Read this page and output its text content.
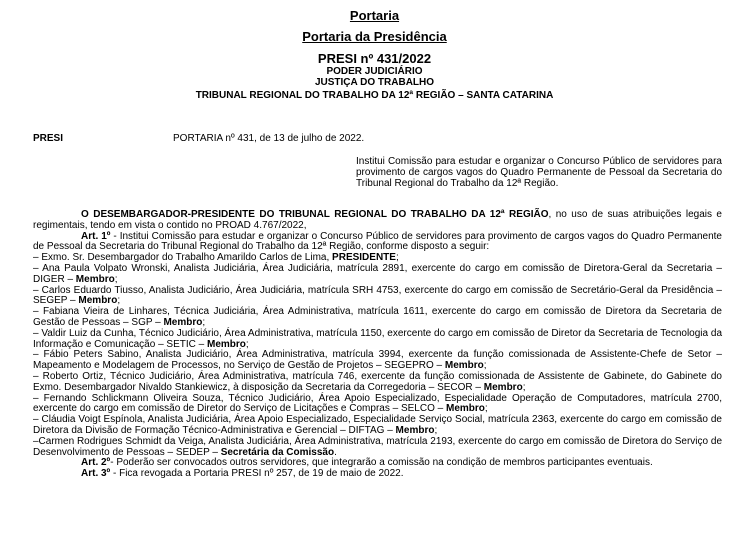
Portaria
Portaria da Presidência
PRESI nº 431/2022
PODER JUDICIÁRIO
JUSTIÇA DO TRABALHO
TRIBUNAL REGIONAL DO TRABALHO DA 12ª REGIÃO – SANTA CATARINA
PRESI	PORTARIA nº 431, de 13 de julho de 2022.
Institui Comissão para estudar e organizar o Concurso Público de servidores para provimento de cargos vagos do Quadro Permanente de Pessoal da Secretaria do Tribunal Regional do Trabalho da 12ª Região.

O DESEMBARGADOR-PRESIDENTE DO TRIBUNAL REGIONAL DO TRABALHO DA 12ª REGIÃO, no uso de suas atribuições legais e regimentais, tendo em vista o contido no PROAD 4.767/2022,

Art. 1º - Institui Comissão para estudar e organizar o Concurso Público de servidores para provimento de cargos vagos do Quadro Permanente de Pessoal da Secretaria do Tribunal Regional do Trabalho da 12ª Região, conforme disposto a seguir:

– Exmo. Sr. Desembargador do Trabalho Amarildo Carlos de Lima, PRESIDENTE;

– Ana Paula Volpato Wronski, Analista Judiciária, Área Judiciária, matrícula 2891, exercente do cargo em comissão de Diretora-Geral da Secretaria – DIGER – Membro;

– Carlos Eduardo Tiusso, Analista Judiciário, Área Judiciária, matrícula SRH 4753, exercente do cargo em comissão de Secretário-Geral da Presidência – SEGEP – Membro;

– Fabiana Vieira de Linhares, Técnica Judiciária, Área Administrativa, matrícula 1611, exercente do cargo em comissão de Diretora da Secretaria de Gestão de Pessoas – SGP – Membro;

– Valdir Luiz da Cunha, Técnico Judiciário, Área Administrativa, matrícula 1150, exercente do cargo em comissão de Diretor da Secretaria de Tecnologia da Informação e Comunicação – SETIC – Membro;

– Fábio Peters Sabino, Analista Judiciário, Área Administrativa, matrícula 3994, exercente da função comissionada de Assistente-Chefe de Setor – Mapeamento e Modelagem de Processos, no Serviço de Gestão de Projetos – SEGEPRO – Membro;

– Roberto Ortiz, Técnico Judiciário, Área Administrativa, matrícula 746, exercente da função comissionada de Assistente de Gabinete, do Gabinete do Exmo. Desembargador Nivaldo Stankiewicz, à disposição da Secretaria da Corregedoria – SECOR – Membro;

– Fernando Schlickmann Oliveira Souza, Técnico Judiciário, Área Apoio Especializado, Especialidade Operação de Computadores, matrícula 2700, exercente do cargo em comissão de Diretor do Serviço de Licitações e Compras – SELCO – Membro;

– Cláudia Voigt Espínola, Analista Judiciária, Área Apoio Especializado, Especialidade Serviço Social, matrícula 2363, exercente do cargo em comissão de Diretora da Divisão de Formação Técnico-Administrativa e Gerencial – DIFTAG – Membro;

–Carmen Rodrigues Schmidt da Veiga, Analista Judiciária, Área Administrativa, matrícula 2193, exercente do cargo em comissão de Diretora do Serviço de Desenvolvimento de Pessoas – SEDEP – Secretária da Comissão.

Art. 2º- Poderão ser convocados outros servidores, que integrarão a comissão na condição de membros participantes eventuais.

Art. 3º - Fica revogada a Portaria PRESI nº 257, de 19 de maio de 2022.
